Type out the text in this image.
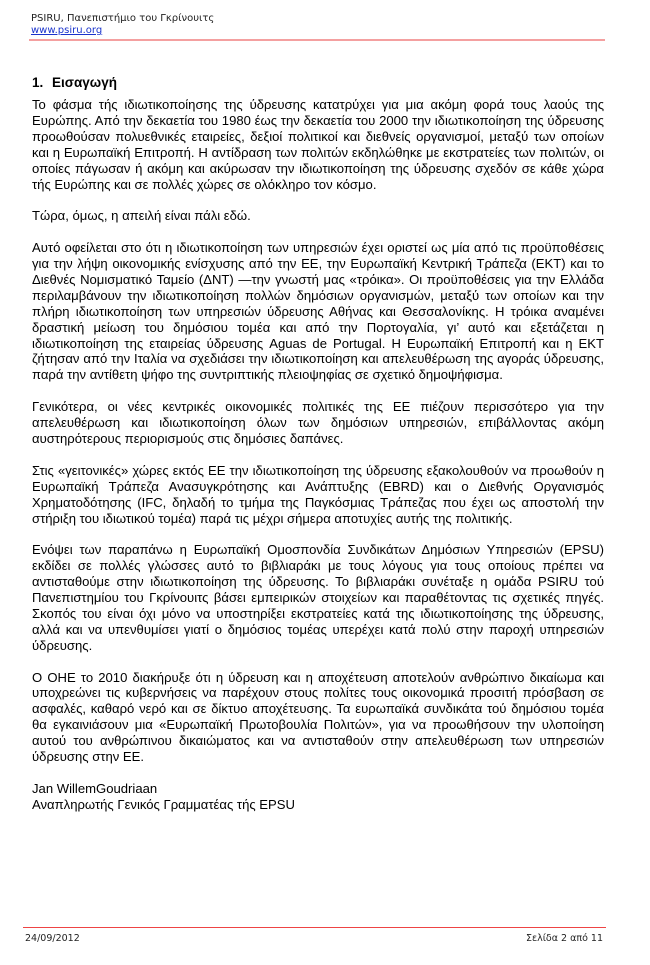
PSIRU, Πανεπιστήμιο του Γκρίνουιτς
www.psiru.org
1. Εισαγωγή

Το φάσμα τής ιδιωτικοποίησης της ύδρευσης κατατρύχει για μια ακόμη φορά τους λαούς της Ευρώπης. Από την δεκαετία του 1980 έως την δεκαετία του 2000 την ιδιωτικοποίηση της ύδρευσης προωθούσαν πολυεθνικές εταιρείες, δεξιοί πολιτικοί και διεθνείς οργανισμοί, μεταξύ των οποίων και η Ευρωπαϊκή Επιτροπή. Η αντίδραση των πολιτών εκδηλώθηκε με εκστρατείες των πολιτών, οι οποίες πάγωσαν ή ακόμη και ακύρωσαν την ιδιωτικοποίηση της ύδρευσης σχεδόν σε κάθε χώρα τής Ευρώπης και σε πολλές χώρες σε ολόκληρο τον κόσμο.

Τώρα, όμως, η απειλή είναι πάλι εδώ.

Αυτό οφείλεται στο ότι η ιδιωτικοποίηση των υπηρεσιών έχει οριστεί ως μία από τις προϋποθέσεις για την λήψη οικονομικής ενίσχυσης από την ΕΕ, την Ευρωπαϊκή Κεντρική Τράπεζα (ΕΚΤ) και το Διεθνές Νομισματικό Ταμείο (ΔΝΤ) —την γνωστή μας «τρόικα». Οι προϋποθέσεις για την Ελλάδα περιλαμβάνουν την ιδιωτικοποίηση πολλών δημόσιων οργανισμών, μεταξύ των οποίων και την πλήρη ιδιωτικοποίηση των υπηρεσιών ύδρευσης Αθήνας και Θεσσαλονίκης. Η τρόικα αναμένει δραστική μείωση του δημόσιου τομέα και από την Πορτογαλία, γι’ αυτό και εξετάζεται η ιδιωτικοποίηση της εταιρείας ύδρευσης Aguas de Portugal. Η Ευρωπαϊκή Επιτροπή και η ΕΚΤ ζήτησαν από την Ιταλία να σχεδιάσει την ιδιωτικοποίηση και απελευθέρωση της αγοράς ύδρευσης, παρά την αντίθετη ψήφο της συντριπτικής πλειοψηφίας σε σχετικό δημοψήφισμα.

Γενικότερα, οι νέες κεντρικές οικονομικές πολιτικές της ΕΕ πιέζουν περισσότερο για την απελευθέρωση και ιδιωτικοποίηση όλων των δημόσιων υπηρεσιών, επιβάλλοντας ακόμη αυστηρότερους περιορισμούς στις δημόσιες δαπάνες.

Στις «γειτονικές» χώρες εκτός ΕΕ την ιδιωτικοποίηση της ύδρευσης εξακολουθούν να προωθούν η Ευρωπαϊκή Τράπεζα Ανασυγκρότησης και Ανάπτυξης (EBRD) και ο Διεθνής Οργανισμός Χρηματοδότησης (IFC, δηλαδή το τμήμα της Παγκόσμιας Τράπεζας που έχει ως αποστολή την στήριξη του ιδιωτικού τομέα) παρά τις μέχρι σήμερα αποτυχίες αυτής της πολιτικής.

Ενόψει των παραπάνω η Ευρωπαϊκή Ομοσπονδία Συνδικάτων Δημόσιων Υπηρεσιών (EPSU) εκδίδει σε πολλές γλώσσες αυτό το βιβλιαράκι με τους λόγους για τους οποίους πρέπει να αντισταθούμε στην ιδιωτικοποίηση της ύδρευσης. Το βιβλιαράκι συνέταξε η ομάδα PSIRU τού Πανεπιστημίου του Γκρίνουιτς βάσει εμπειρικών στοιχείων και παραθέτοντας τις σχετικές πηγές. Σκοπός του είναι όχι μόνο να υποστηρίξει εκστρατείες κατά της ιδιωτικοποίησης της ύδρευσης, αλλά και να υπενθυμίσει γιατί ο δημόσιος τομέας υπερέχει κατά πολύ στην παροχή υπηρεσιών ύδρευσης.

Ο ΟΗΕ το 2010 διακήρυξε ότι η ύδρευση και η αποχέτευση αποτελούν ανθρώπινο δικαίωμα και υποχρεώνει τις κυβερνήσεις να παρέχουν στους πολίτες τους οικονομικά προσιτή πρόσβαση σε ασφαλές, καθαρό νερό και σε δίκτυο αποχέτευσης. Τα ευρωπαϊκά συνδικάτα τού δημόσιου τομέα θα εγκαινιάσουν μια «Ευρωπαϊκή Πρωτοβουλία Πολιτών», για να προωθήσουν την υλοποίηση αυτού του ανθρώπινου δικαιώματος και να αντισταθούν στην απελευθέρωση των υπηρεσιών ύδρευσης στην ΕΕ.

Jan WillemGoudriaan
Αναπληρωτής Γενικός Γραμματέας τής EPSU
24/09/2012	Σελίδα 2 από 11
